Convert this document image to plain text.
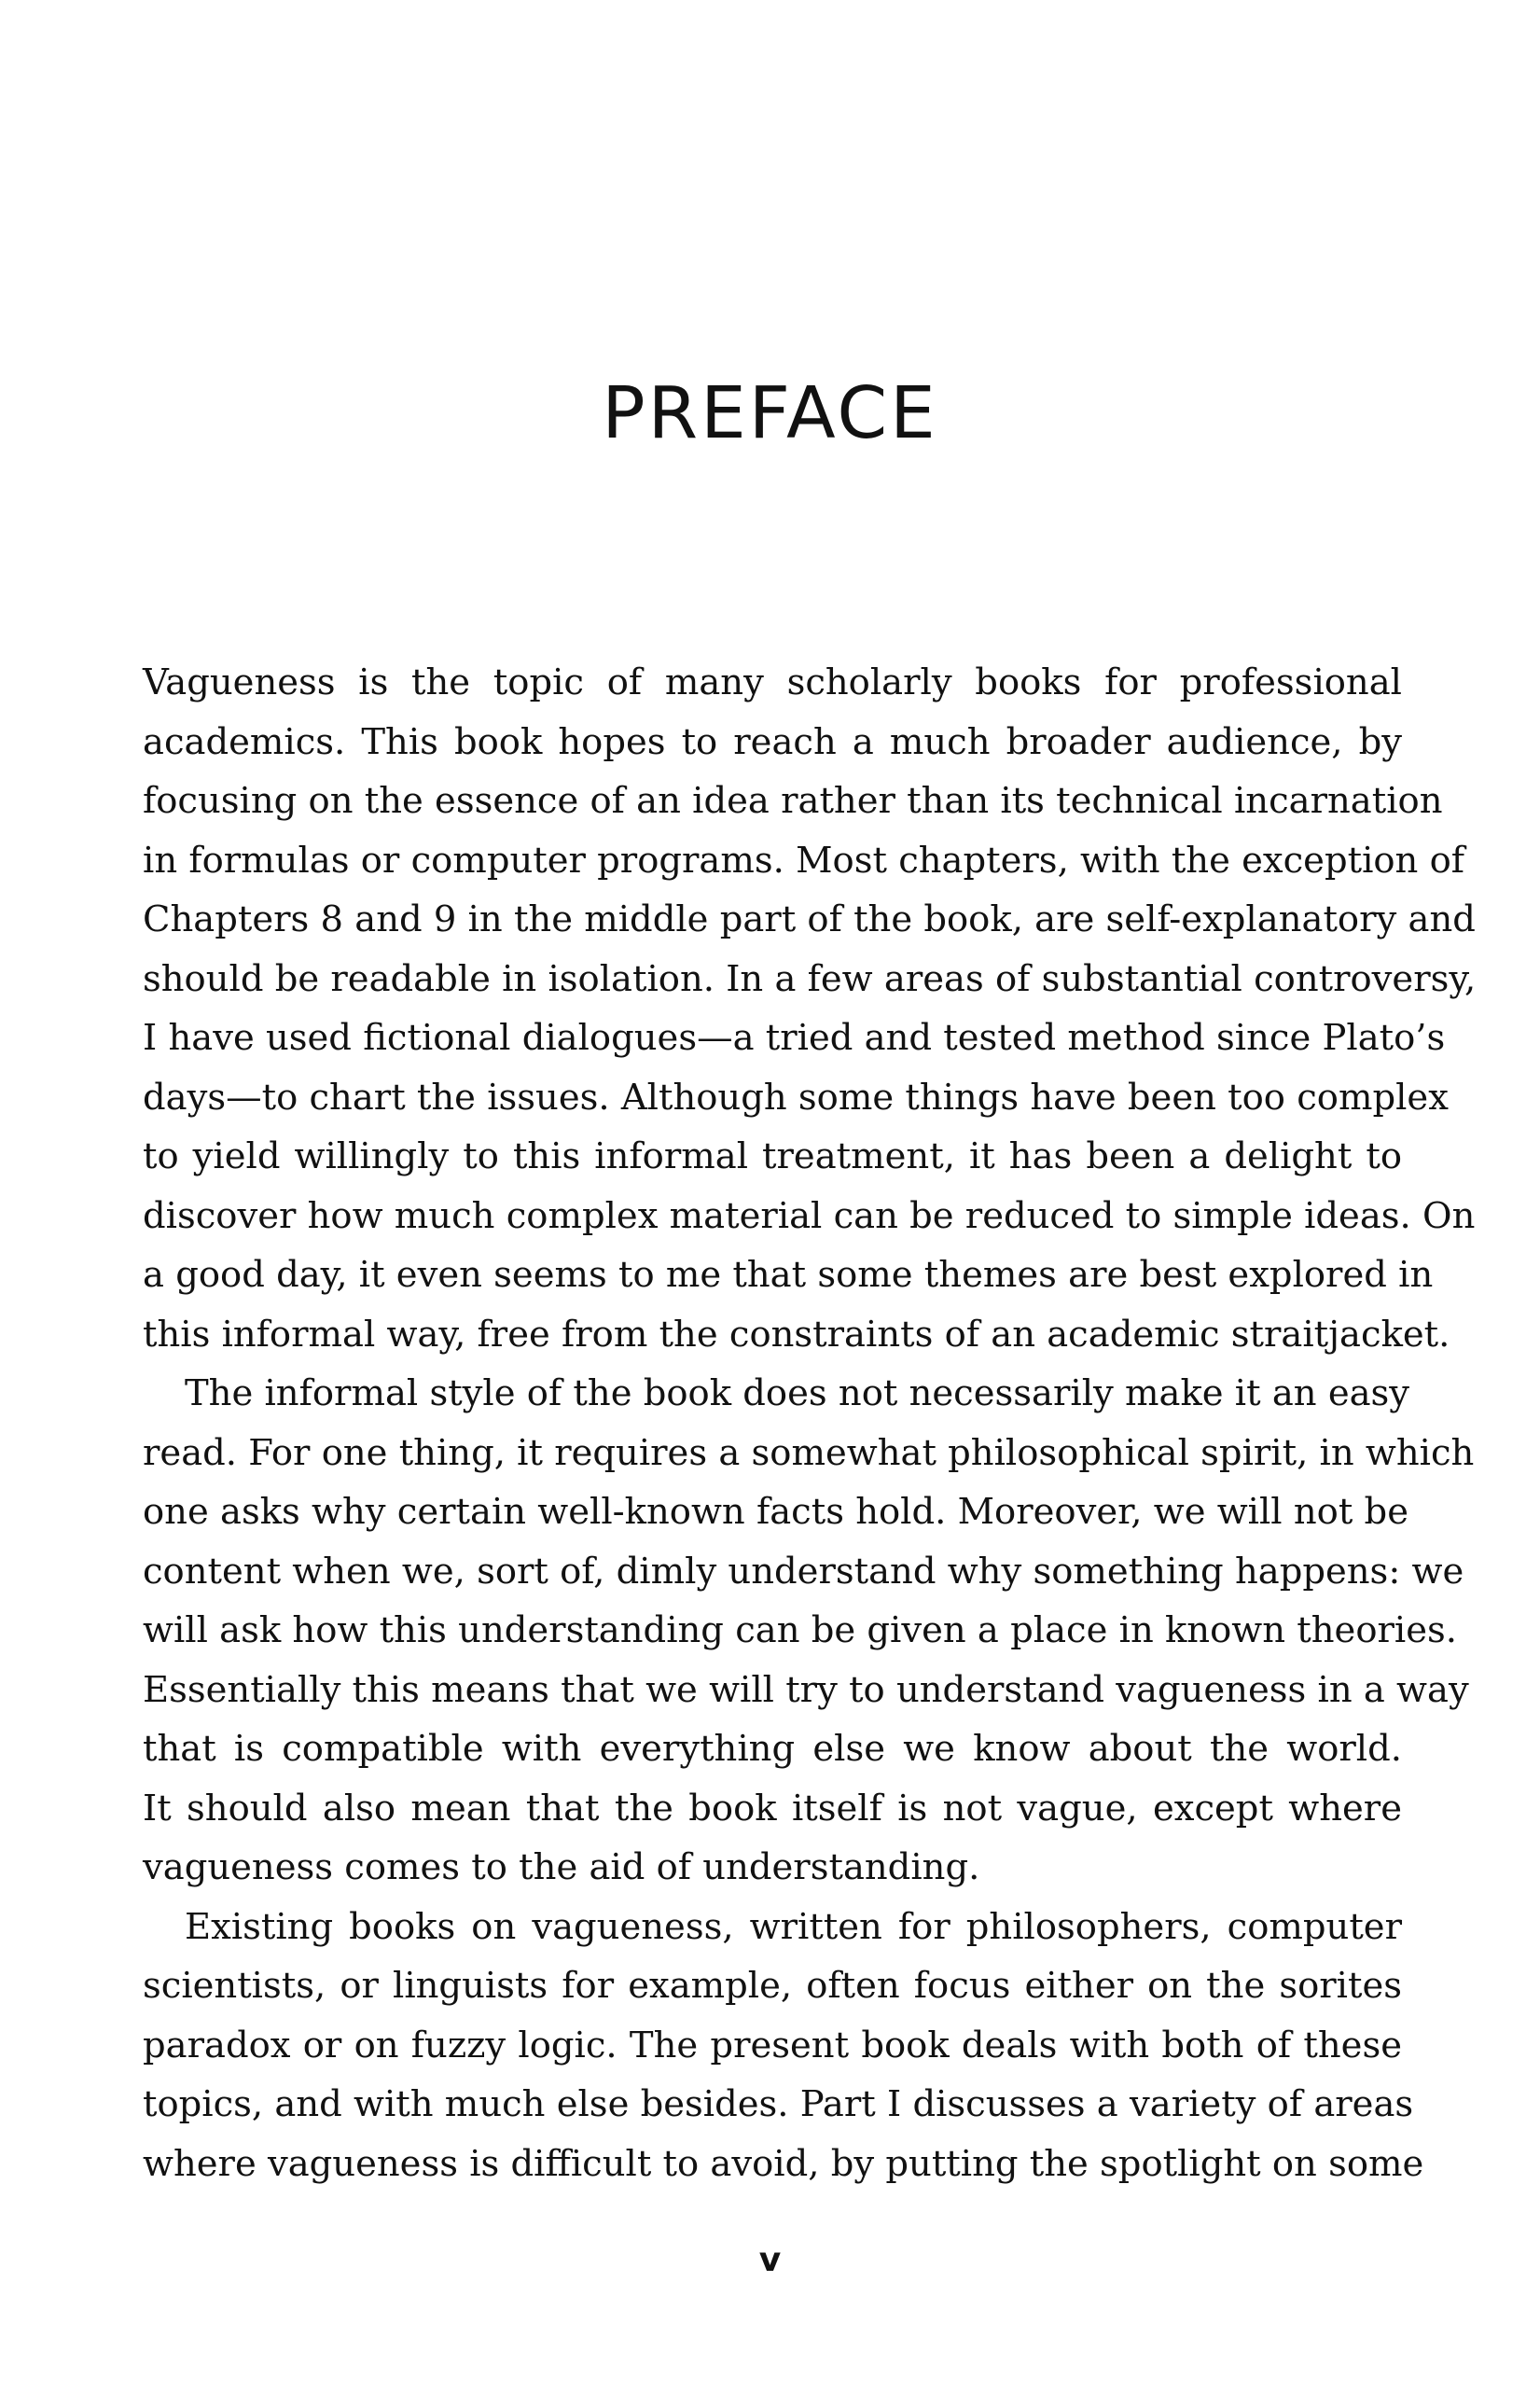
PREFACE
Vagueness is the topic of many scholarly books for professional
academics. This book hopes to reach a much broader audience, by
focusing on the essence of an idea rather than its technical incarnation
in formulas or computer programs. Most chapters, with the exception of
Chapters 8 and 9 in the middle part of the book, are self-explanatory and
should be readable in isolation. In a few areas of substantial controversy,
I have used fictional dialogues—a tried and tested method since Plato’s
days—to chart the issues. Although some things have been too complex
to yield willingly to this informal treatment, it has been a delight to
discover how much complex material can be reduced to simple ideas. On
a good day, it even seems to me that some themes are best explored in
this informal way, free from the constraints of an academic straitjacket.
The informal style of the book does not necessarily make it an easy
read. For one thing, it requires a somewhat philosophical spirit, in which
one asks why certain well-known facts hold. Moreover, we will not be
content when we, sort of, dimly understand why something happens: we
will ask how this understanding can be given a place in known theories.
Essentially this means that we will try to understand vagueness in a way
that is compatible with everything else we know about the world.
It should also mean that the book itself is not vague, except where
vagueness comes to the aid of understanding.
Existing books on vagueness, written for philosophers, computer
scientists, or linguists for example, often focus either on the sorites
paradox or on fuzzy logic. The present book deals with both of these
topics, and with much else besides. Part I discusses a variety of areas
where vagueness is difficult to avoid, by putting the spotlight on some
v
